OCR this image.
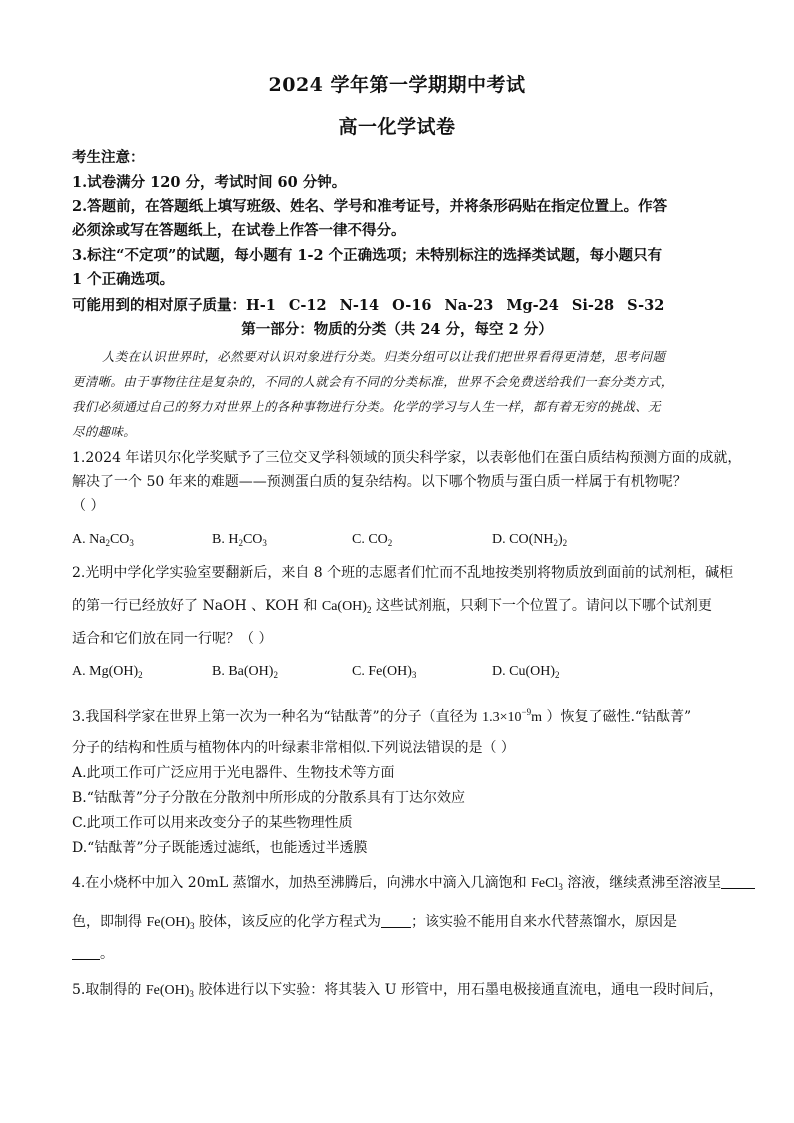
2024 学年第一学期期中考试
高一化学试卷
考生注意：
1.试卷满分 120 分，考试时间 60 分钟。
2.答题前，在答题纸上填写班级、姓名、学号和准考证号，并将条形码贴在指定位置上。作答
必须涂或写在答题纸上，在试卷上作答一律不得分。
3.标注“不定项”的试题，每小题有 1-2 个正确选项；未特别标注的选择类试题，每小题只有
1 个正确选项。
可能用到的相对原子质量：H-1 C-12 N-14 O-16 Na-23 Mg-24 Si-28 S-32
第一部分：物质的分类（共 24 分，每空 2 分）
人类在认识世界时，必然要对认识对象进行分类。归类分组可以让我们把世界看得更清楚，思考问题
更清晰。由于事物往往是复杂的，不同的人就会有不同的分类标准，世界不会免费送给我们一套分类方式，
我们必须通过自己的努力对世界上的各种事物进行分类。化学的学习与人生一样，都有着无穷的挑战、无
尽的趣味。
1.2024 年诺贝尔化学奖赋予了三位交叉学科领域的顶尖科学家，以表彰他们在蛋白质结构预测方面的成就，
解决了一个 50 年来的难题——预测蛋白质的复杂结构。以下哪个物质与蛋白质一样属于有机物呢？
（ ）
A. $Na_2CO_3$	B. $H_2CO_3$	C. $CO_2$	D. $CO(NH_2)_2$
2.光明中学化学实验室要翻新后，来自 8 个班的志愿者们忙而不乱地按类别将物质放到面前的试剂柜，碱柜
的第一行已经放好了 NaOH 、KOH 和 $Ca(OH)_2$ 这些试剂瓶，只剩下一个位置了。请问以下哪个试剂更
适合和它们放在同一行呢？（ ）
A. $Mg(OH)_2$	B. $Ba(OH)_2$	C. $Fe(OH)_3$	D. $Cu(OH)_2$
3.我国科学家在世界上第一次为一种名为“钴酞菁”的分子（直径为 $1.3\times 10^{-9}m$ ）恢复了磁性.“钴酞菁”
分子的结构和性质与植物体内的叶绿素非常相似.下列说法错误的是（ ）
A.此项工作可广泛应用于光电器件、生物技术等方面
B.“钴酞菁”分子分散在分散剂中所形成的分散系具有丁达尔效应
C.此项工作可以用来改变分子的某些物理性质
D.“钴酞菁”分子既能透过滤纸，也能透过半透膜
4.在小烧杯中加入 20mL 蒸馏水，加热至沸腾后，向沸水中滴入几滴饱和 FeCl$_3$ 溶液，继续煮沸至溶液呈
色，即制得 $Fe(OH)_3$ 胶体，该反应的化学方程式为 ；该实验不能用自来水代替蒸馏水，原因是
。
5.取制得的 $Fe(OH)_3$ 胶体进行以下实验：将其装入 U 形管中，用石墨电极接通直流电，通电一段时间后，
